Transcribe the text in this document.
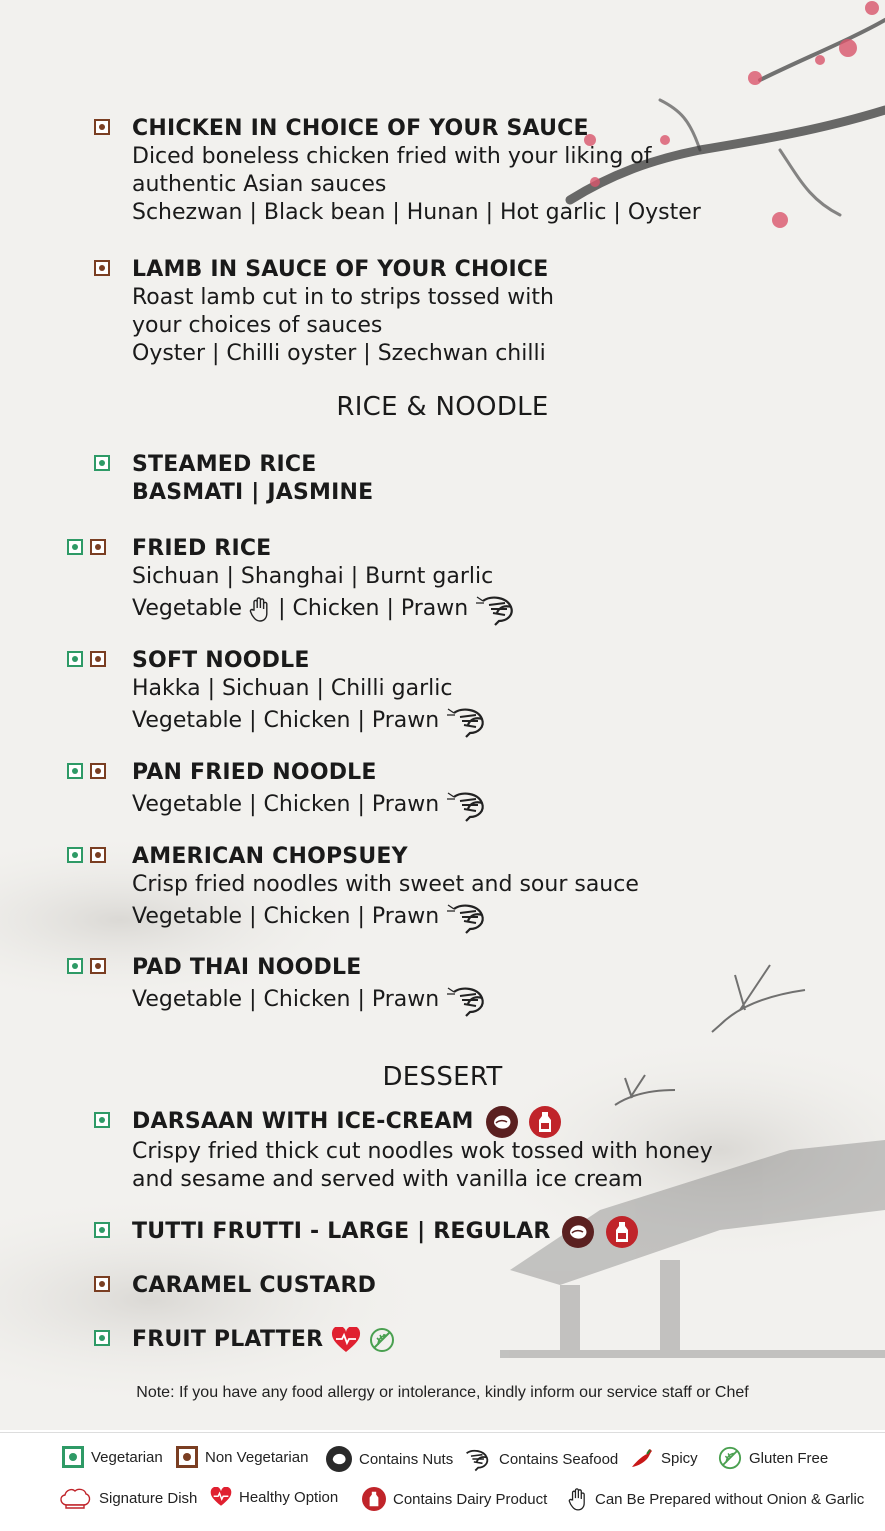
CHICKEN IN CHOICE OF YOUR SAUCE
Diced boneless chicken fried with your liking of
authentic Asian sauces
Schezwan | Black bean | Hunan | Hot garlic | Oyster
LAMB IN SAUCE OF YOUR CHOICE
Roast lamb cut in to strips tossed with
your choices of sauces
Oyster | Chilli oyster | Szechwan chilli
RICE & NOODLE
STEAMED RICE
BASMATI | JASMINE
FRIED RICE
Sichuan | Shanghai | Burnt garlic
Vegetable | Chicken | Prawn
SOFT NOODLE
Hakka | Sichuan | Chilli garlic
Vegetable | Chicken | Prawn
PAN FRIED NOODLE
Vegetable | Chicken | Prawn
AMERICAN CHOPSUEY
Crisp fried noodles with sweet and sour sauce
Vegetable | Chicken | Prawn
PAD THAI NOODLE
Vegetable | Chicken | Prawn
DESSERT
DARSAAN WITH ICE-CREAM

Crispy fried thick cut noodles wok tossed with honey
and sesame and served with vanilla ice cream
TUTTI FRUTTI - LARGE | REGULAR

CARAMEL CUSTARD
FRUIT PLATTER
Note: If you have any food allergy or intolerance, kindly inform our service staff or Chef
Vegetarian	Non Vegetarian	Contains Nuts	Contains Seafood	Spicy	Gluten Free
Signature Dish	Healthy Option	Contains Dairy Product	Can Be Prepared without Onion & Garlic
